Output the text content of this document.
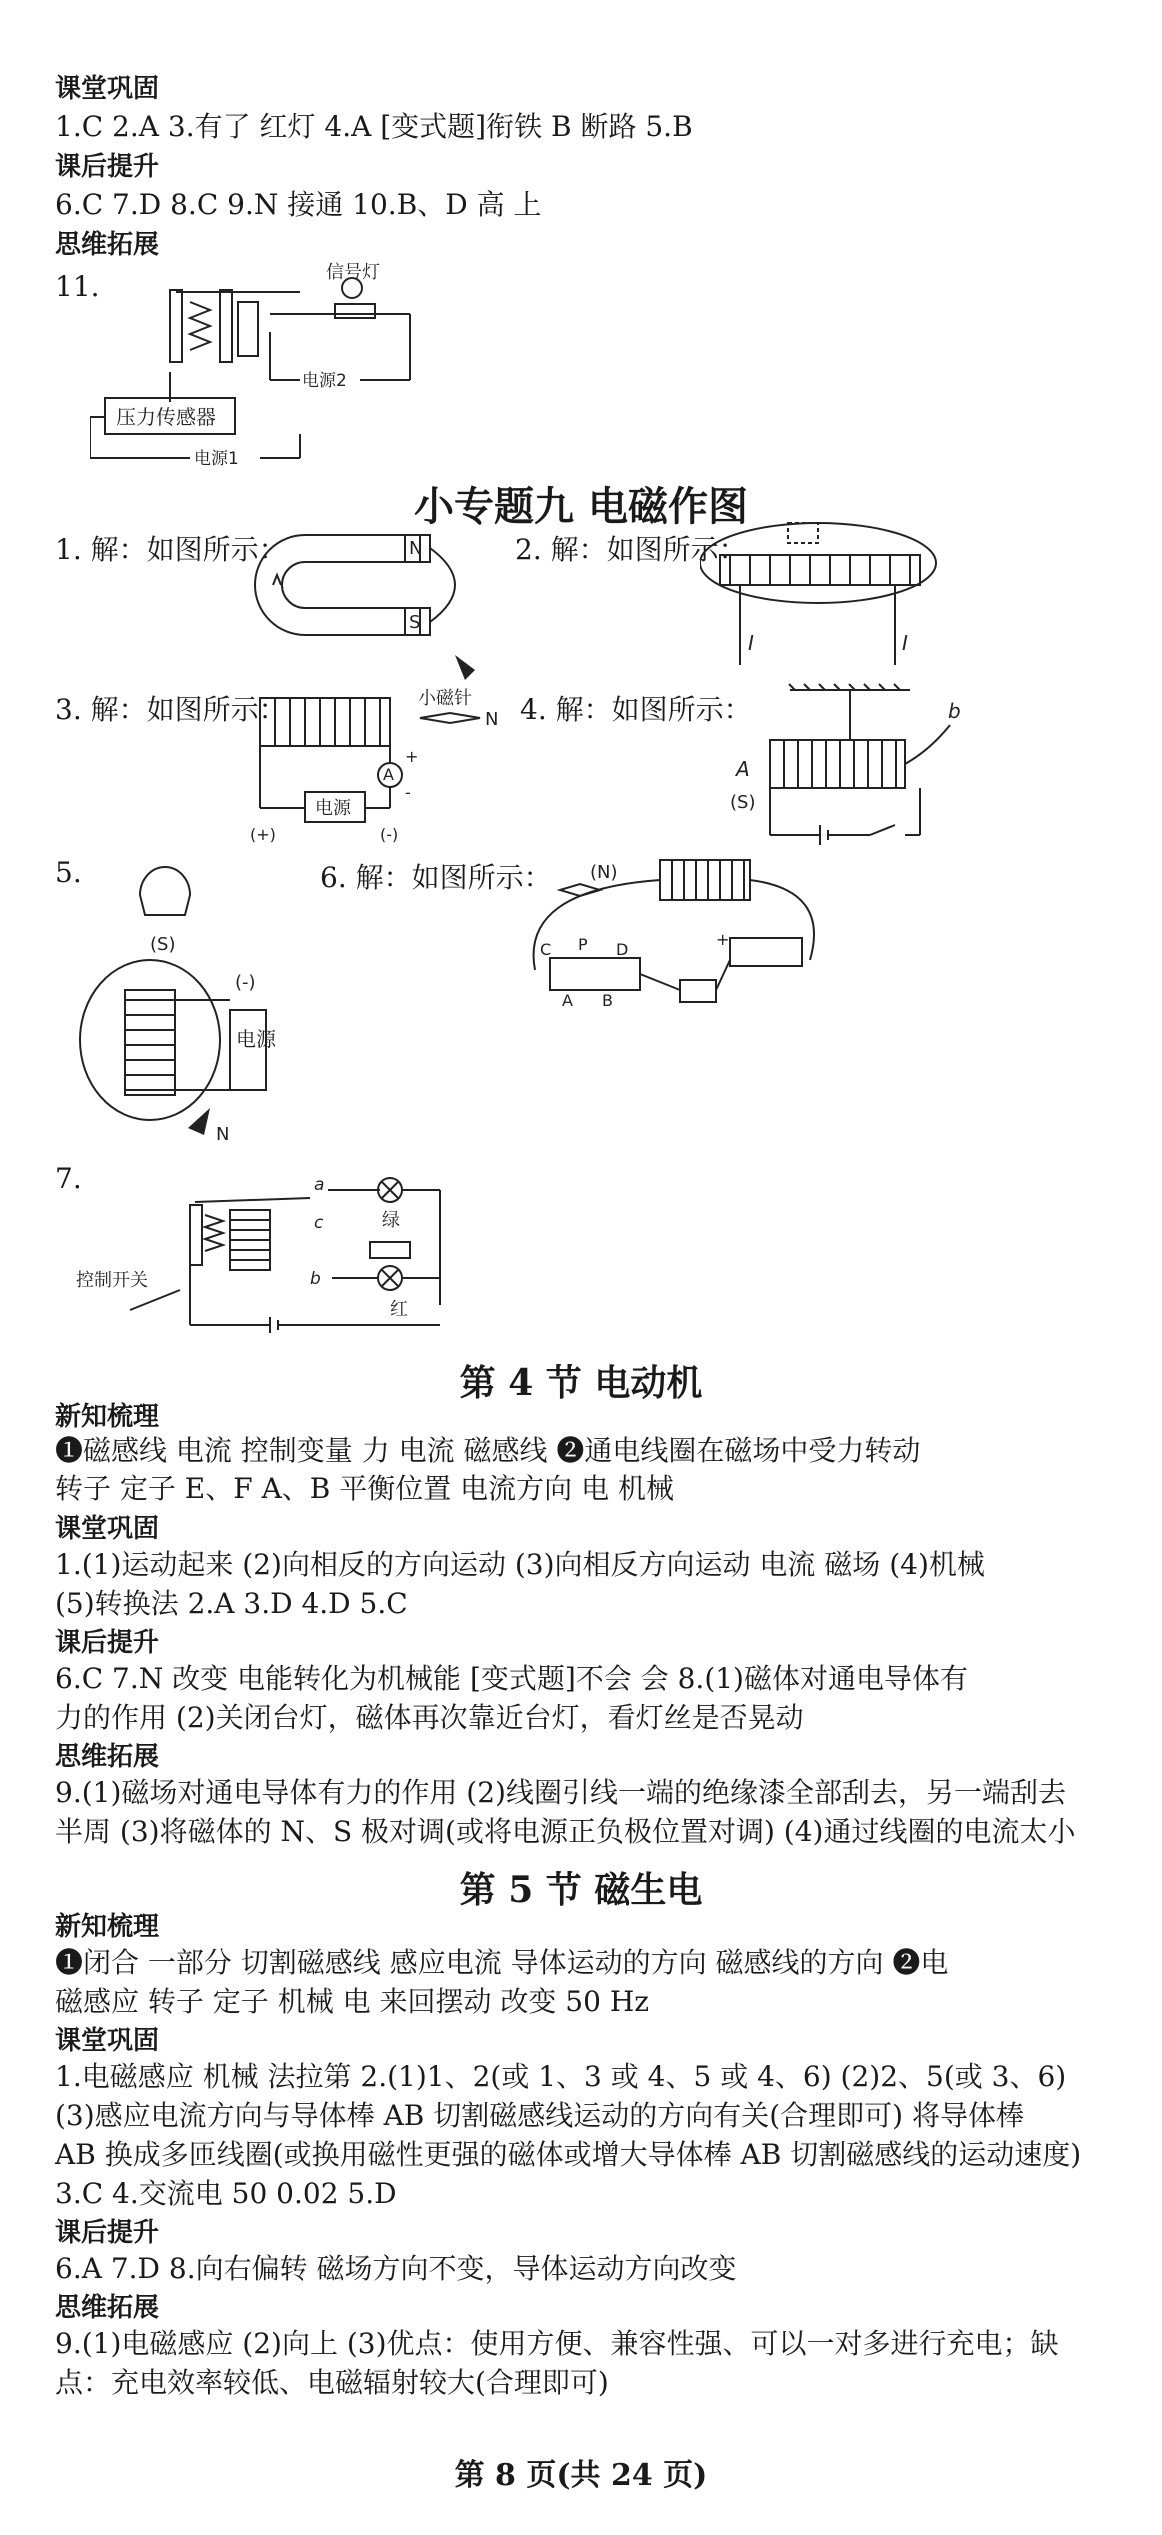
课堂巩固
1.C 2.A 3.有了 红灯 4.A [变式题]衔铁 B 断路 5.B
课后提升
6.C 7.D 8.C 9.N 接通 10.B、D 高 上
思维拓展
11.	信号灯
压力传感器
电源1
电源2
小专题九 电磁作图
1. 解：如图所示：	N
S
2. 解：如图所示：
I	I
3. 解：如图所示：
A
+
-
电源
(+)	(-)
小磁针
N 4. 解：如图所示：
A
(S)
b
5.
(S)
(-)
电源
N
6. 解：如图所示： (N)
C P D
A B
+
7.	a
c
b
绿
红
控制开关
第 4 节 电动机
新知梳理
❶磁感线 电流 控制变量 力 电流 磁感线 ❷通电线圈在磁场中受力转动
转子 定子 E、F A、B 平衡位置 电流方向 电 机械
课堂巩固
1.(1)运动起来 (2)向相反的方向运动 (3)向相反方向运动 电流 磁场 (4)机械
(5)转换法 2.A 3.D 4.D 5.C
课后提升
6.C 7.N 改变 电能转化为机械能 [变式题]不会 会 8.(1)磁体对通电导体有
力的作用 (2)关闭台灯，磁体再次靠近台灯，看灯丝是否晃动
思维拓展
9.(1)磁场对通电导体有力的作用 (2)线圈引线一端的绝缘漆全部刮去，另一端刮去
半周 (3)将磁体的 N、S 极对调(或将电源正负极位置对调) (4)通过线圈的电流太小
第 5 节 磁生电
新知梳理
❶闭合 一部分 切割磁感线 感应电流 导体运动的方向 磁感线的方向 ❷电
磁感应 转子 定子 机械 电 来回摆动 改变 50 Hz
课堂巩固
1.电磁感应 机械 法拉第 2.(1)1、2(或 1、3 或 4、5 或 4、6) (2)2、5(或 3、6)
(3)感应电流方向与导体棒 AB 切割磁感线运动的方向有关(合理即可) 将导体棒
AB 换成多匝线圈(或换用磁性更强的磁体或增大导体棒 AB 切割磁感线的运动速度)
3.C 4.交流电 50 0.02 5.D
课后提升
6.A 7.D 8.向右偏转 磁场方向不变，导体运动方向改变
思维拓展
9.(1)电磁感应 (2)向上 (3)优点：使用方便、兼容性强、可以一对多进行充电；缺
点：充电效率较低、电磁辐射较大(合理即可)
第 8 页(共 24 页)
